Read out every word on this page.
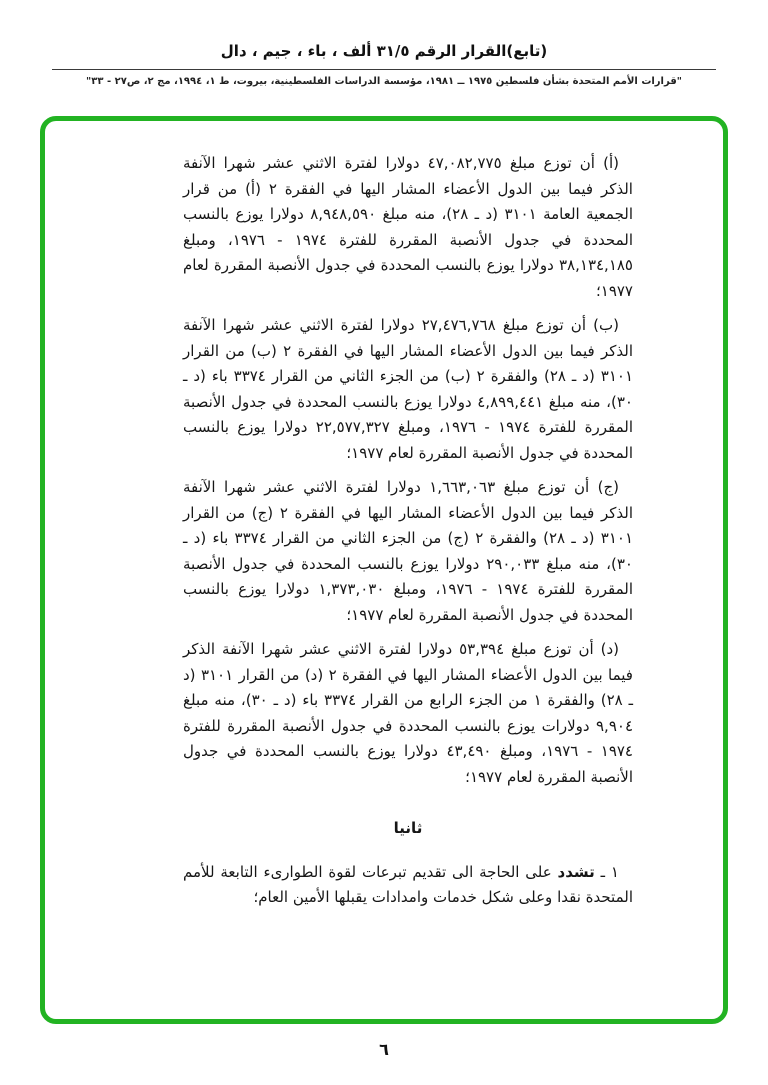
(تابع)القرار الرقم ٣١/٥ ألف ، باء ، جيم ، دال
"قرارات الأمم المتحدة بشأن فلسطين ١٩٧٥ ــ ١٩٨١، مؤسسة الدراسات الفلسطينية، بيروت، ط ١، ١٩٩٤، مج ٢، ص٢٧ - ٣٣"

(أ) أن توزع مبلغ ٤٧,٠٨٢,٧٧٥ دولارا لفترة الاثني عشر شهرا الآنفة الذكر فيما بين الدول الأعضاء المشار اليها في الفقرة ٢ (أ) من قرار الجمعية العامة ٣١٠١ (د ـ ٢٨)، منه مبلغ ٨,٩٤٨,٥٩٠ دولارا يوزع بالنسب المحددة في جدول الأنصبة المقررة للفترة ١٩٧٤ - ١٩٧٦، ومبلغ ٣٨,١٣٤,١٨٥ دولارا يوزع بالنسب المحددة في جدول الأنصبة المقررة لعام ١٩٧٧؛

(ب) أن توزع مبلغ ٢٧,٤٧٦,٧٦٨ دولارا لفترة الاثني عشر شهرا الآنفة الذكر فيما بين الدول الأعضاء المشار اليها في الفقرة ٢ (ب) من القرار ٣١٠١ (د ـ ٢٨) والفقرة ٢ (ب) من الجزء الثاني من القرار ٣٣٧٤ باء (د ـ ٣٠)، منه مبلغ ٤,٨٩٩,٤٤١ دولارا يوزع بالنسب المحددة في جدول الأنصبة المقررة للفترة ١٩٧٤ - ١٩٧٦، ومبلغ ٢٢,٥٧٧,٣٢٧ دولارا يوزع بالنسب المحددة في جدول الأنصبة المقررة لعام ١٩٧٧؛

(ج) أن توزع مبلغ ١,٦٦٣,٠٦٣ دولارا لفترة الاثني عشر شهرا الآنفة الذكر فيما بين الدول الأعضاء المشار اليها في الفقرة ٢ (ج) من القرار ٣١٠١ (د ـ ٢٨) والفقرة ٢ (ج) من الجزء الثاني من القرار ٣٣٧٤ باء (د ـ ٣٠)، منه مبلغ ٢٩٠,٠٣٣ دولارا يوزع بالنسب المحددة في جدول الأنصبة المقررة للفترة ١٩٧٤ - ١٩٧٦، ومبلغ ١,٣٧٣,٠٣٠ دولارا يوزع بالنسب المحددة في جدول الأنصبة المقررة لعام ١٩٧٧؛

(د) أن توزع مبلغ ٥٣,٣٩٤ دولارا لفترة الاثني عشر شهرا الآنفة الذكر فيما بين الدول الأعضاء المشار اليها في الفقرة ٢ (د) من القرار ٣١٠١ (د ـ ٢٨) والفقرة ١ من الجزء الرابع من القرار ٣٣٧٤ باء (د ـ ٣٠)، منه مبلغ ٩,٩٠٤ دولارات يوزع بالنسب المحددة في جدول الأنصبة المقررة للفترة ١٩٧٤ - ١٩٧٦، ومبلغ ٤٣,٤٩٠ دولارا يوزع بالنسب المحددة في جدول الأنصبة المقررة لعام ١٩٧٧؛

ثانيا

١ ـ تشدد على الحاجة الى تقديم تبرعات لقوة الطوارىء التابعة للأمم المتحدة نقدا وعلى شكل خدمات وامدادات يقبلها الأمين العام؛

٦
